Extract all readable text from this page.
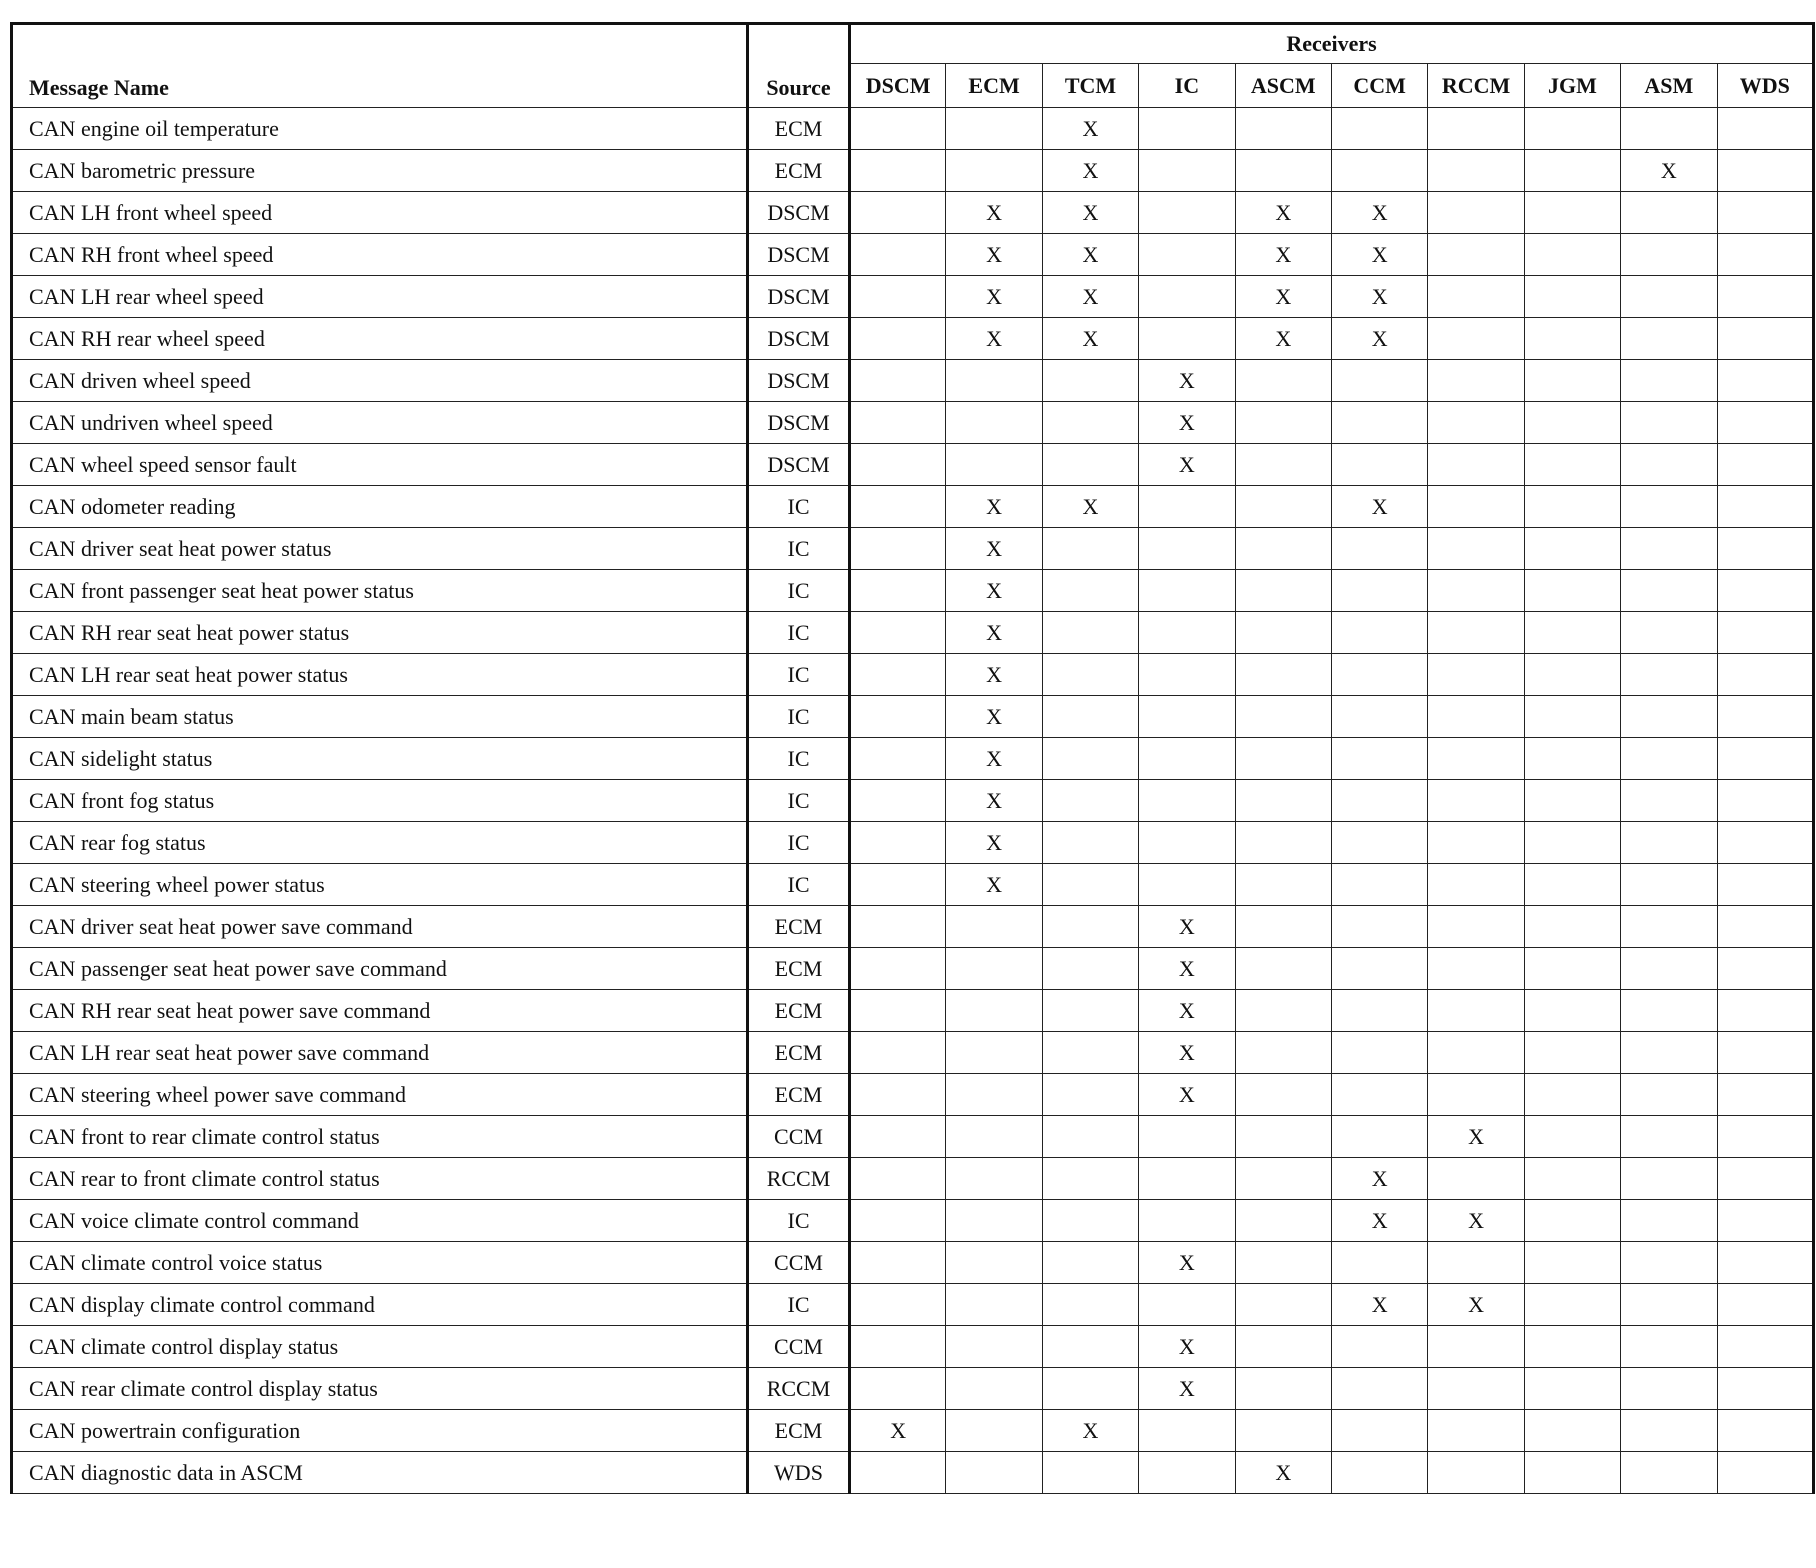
Message Name	Source	Receivers									
		DSCM	ECM	TCM	IC	ASCM	CCM	RCCM	JGM	ASM	WDS
CAN engine oil temperature	ECM			X							
CAN barometric pressure	ECM			X						X	
CAN LH front wheel speed	DSCM		X	X		X	X				
CAN RH front wheel speed	DSCM		X	X		X	X				
CAN LH rear wheel speed	DSCM		X	X		X	X				
CAN RH rear wheel speed	DSCM		X	X		X	X				
CAN driven wheel speed	DSCM				X						
CAN undriven wheel speed	DSCM				X						
CAN wheel speed sensor fault	DSCM				X						
CAN odometer reading	IC		X	X			X				
CAN driver seat heat power status	IC		X								
CAN front passenger seat heat power status	IC		X								
CAN RH rear seat heat power status	IC		X								
CAN LH rear seat heat power status	IC		X								
CAN main beam status	IC		X								
CAN sidelight status	IC		X								
CAN front fog status	IC		X								
CAN rear fog status	IC		X								
CAN steering wheel power status	IC		X								
CAN driver seat heat power save command	ECM				X						
CAN passenger seat heat power save command	ECM				X						
CAN RH rear seat heat power save command	ECM				X						
CAN LH rear seat heat power save command	ECM				X						
CAN steering wheel power save command	ECM				X						
CAN front to rear climate control status	CCM							X			
CAN rear to front climate control status	RCCM						X				
CAN voice climate control command	IC						X	X			
CAN climate control voice status	CCM				X						
CAN display climate control command	IC						X	X			
CAN climate control display status	CCM				X						
CAN rear climate control display status	RCCM				X						
CAN powertrain configuration	ECM	X		X							
CAN diagnostic data in ASCM	WDS					X					
